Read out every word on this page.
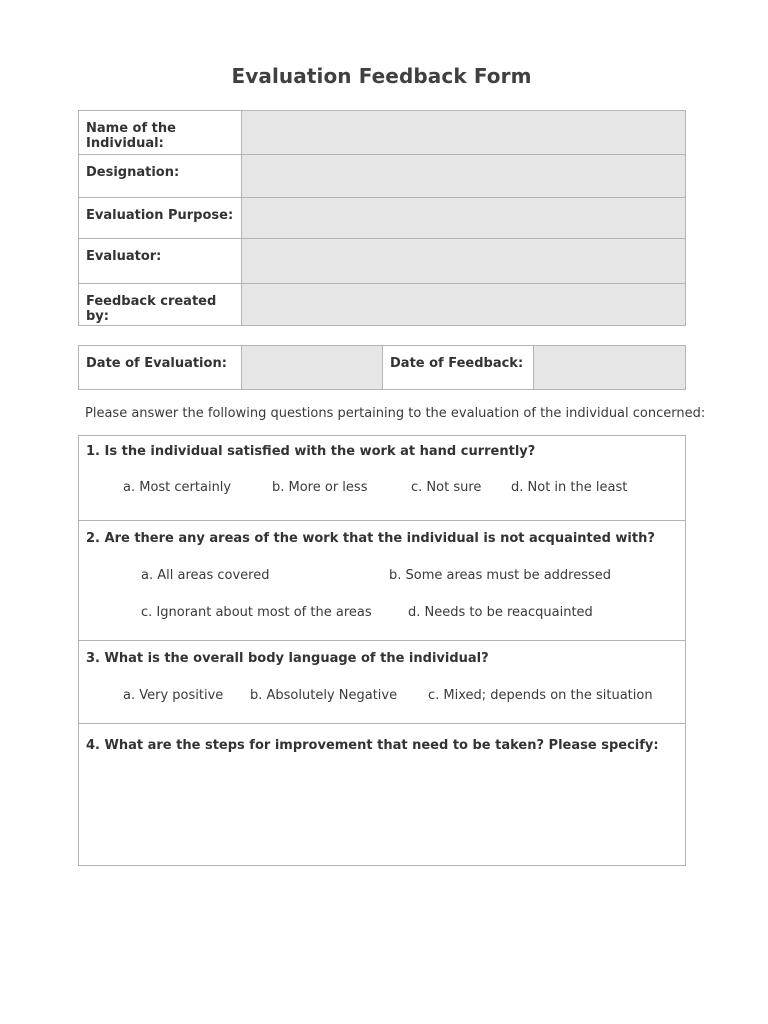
Evaluation Feedback Form
Name of the Individual:	

Designation:	

Evaluation Purpose:	

Evaluator:	

Feedback created by:	

Date of Evaluation:		Date of Feedback:

Please answer the following questions pertaining to the evaluation of the individual concerned:
1. Is the individual satisfied with the work at hand currently?
a. Most certainly	b. More or less	c. Not sure d. Not in the least
2. Are there any areas of the work that the individual is not acquainted with?
a. All areas covered	b. Some areas must be addressed
c. Ignorant about most of the areas	d. Needs to be reacquainted
3. What is the overall body language of the individual?
a. Very positive b. Absolutely Negative c. Mixed; depends on the situation
4. What are the steps for improvement that need to be taken? Please specify:
